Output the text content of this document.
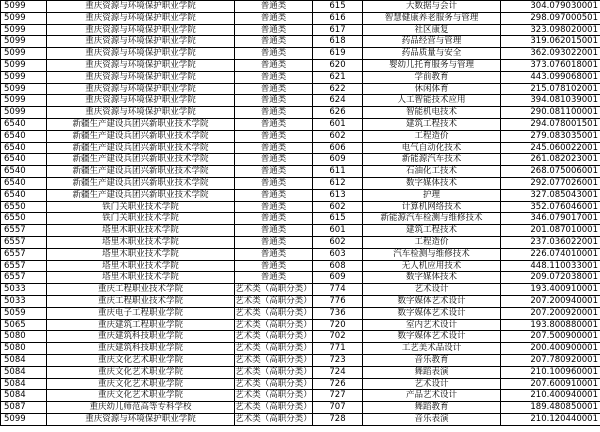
5099	重庆资源与环境保护职业学院	普通类	615	大数据与会计	304.079030001
5099	重庆资源与环境保护职业学院	普通类	616	智慧健康养老服务与管理	298.097000501
5099	重庆资源与环境保护职业学院	普通类	617	社区康复	323.098020001
5099	重庆资源与环境保护职业学院	普通类	618	药品经营与管理	319.062015001
5099	重庆资源与环境保护职业学院	普通类	619	药品质量与安全	362.093022001
5099	重庆资源与环境保护职业学院	普通类	620	婴幼儿托育服务与管理	373.076018001
5099	重庆资源与环境保护职业学院	普通类	621	学前教育	443.099068001
5099	重庆资源与环境保护职业学院	普通类	622	休闲体育	215.078102001
5099	重庆资源与环境保护职业学院	普通类	624	人工智能技术应用	394.081039001
5099	重庆资源与环境保护职业学院	普通类	626	智能机电技术	290.081100001
6540	新疆生产建设兵团兴新职业技术学院	普通类	601	建筑工程技术	294.078001501
6540	新疆生产建设兵团兴新职业技术学院	普通类	602	工程造价	279.083035001
6540	新疆生产建设兵团兴新职业技术学院	普通类	606	电气自动化技术	245.060022001
6540	新疆生产建设兵团兴新职业技术学院	普通类	609	新能源汽车技术	261.082023001
6540	新疆生产建设兵团兴新职业技术学院	普通类	611	石油化工技术	268.075006001
6540	新疆生产建设兵团兴新职业技术学院	普通类	612	数字媒体技术	292.077026001
6540	新疆生产建设兵团兴新职业技术学院	普通类	613	护理	327.085043001
6550	铁门关职业技术学院	普通类	602	计算机网络技术	352.076046001
6550	铁门关职业技术学院	普通类	615	新能源汽车检测与维修技术	346.079017001
6557	塔里木职业技术学院	普通类	601	建筑工程技术	201.087010001
6557	塔里木职业技术学院	普通类	602	工程造价	237.036022001
6557	塔里木职业技术学院	普通类	603	汽车检测与维修技术	226.074010001
6557	塔里木职业技术学院	普通类	608	无人机应用技术	448.110033001
6557	塔里木职业技术学院	普通类	609	数字媒体技术	209.072038001
5033	重庆工程职业技术学院	艺术类（高职分类）	774	艺术设计	193.400910001
5033	重庆工程职业技术学院	艺术类（高职分类）	776	数字媒体艺术设计	207.200940001
5059	重庆电子工程职业学院	艺术类（高职分类）	736	数字媒体艺术设计	207.200920001
5065	重庆建筑工程职业学院	艺术类（高职分类）	720	室内艺术设计	193.800880001
5080	重庆建筑科技职业学院	艺术类（高职分类）	702	数字媒体艺术设计	207.500900001
5080	重庆建筑科技职业学院	艺术类（高职分类）	771	工艺美术品设计	200.400900001
5084	重庆文化艺术职业学院	艺术类（高职分类）	723	音乐教育	207.780920001
5084	重庆文化艺术职业学院	艺术类（高职分类）	724	舞蹈表演	210.100960001
5084	重庆文化艺术职业学院	艺术类（高职分类）	726	艺术设计	207.600910001
5084	重庆文化艺术职业学院	艺术类（高职分类）	727	产品艺术设计	210.400940001
5087	重庆幼儿师范高等专科学校	艺术类（高职分类）	707	舞蹈教育	189.480850001
5099	重庆资源与环境保护职业学院	艺术类（高职分类）	728	音乐表演	210.120440001
